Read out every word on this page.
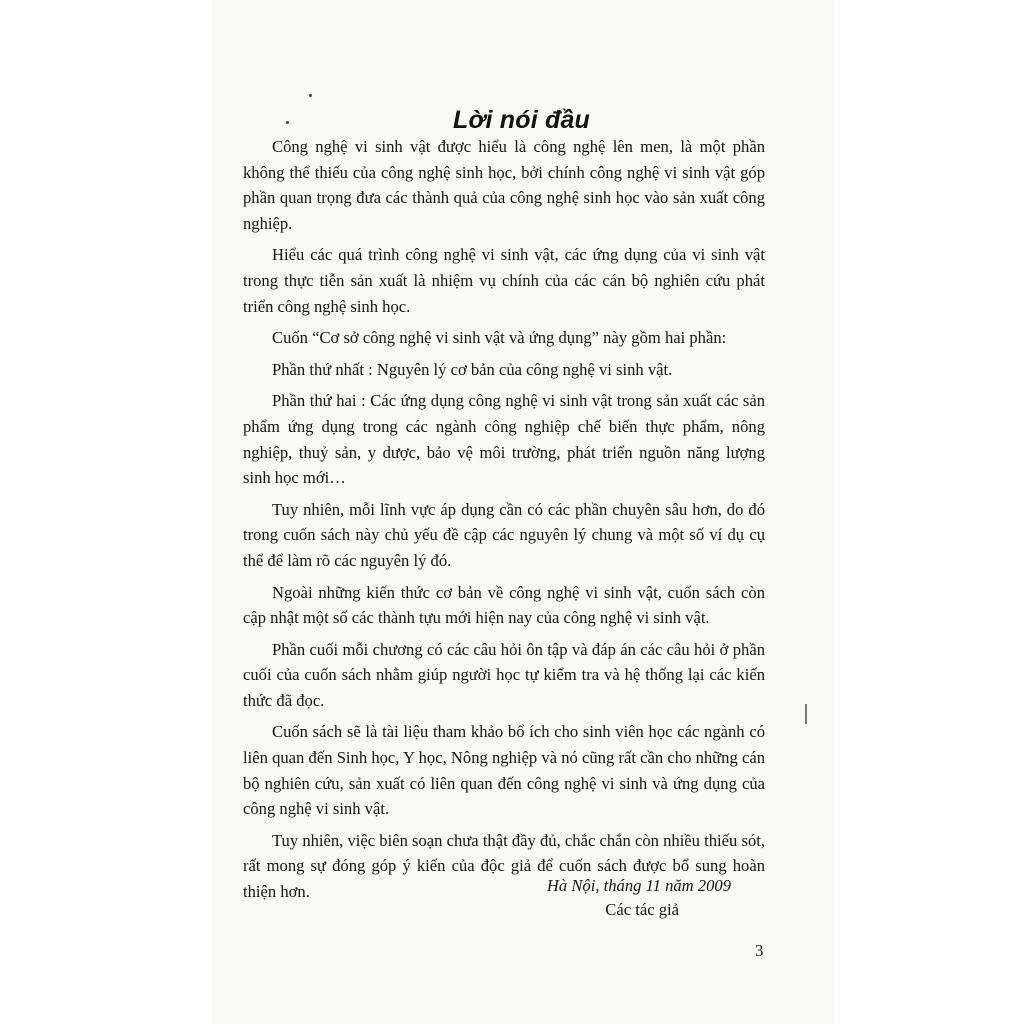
Lời nói đầu

Công nghệ vi sinh vật được hiểu là công nghệ lên men, là một phần không thể thiếu của công nghệ sinh học, bởi chính công nghệ vi sinh vật góp phần quan trọng đưa các thành quả của công nghệ sinh học vào sản xuất công nghiệp.

Hiểu các quá trình công nghệ vi sinh vật, các ứng dụng của vi sinh vật trong thực tiễn sản xuất là nhiệm vụ chính của các cán bộ nghiên cứu phát triển công nghệ sinh học.

Cuốn “Cơ sở công nghệ vi sinh vật và ứng dụng” này gồm hai phần:

Phần thứ nhất : Nguyên lý cơ bản của công nghệ vi sinh vật.

Phần thứ hai : Các ứng dụng công nghệ vi sinh vật trong sản xuất các sản phẩm ứng dụng trong các ngành công nghiệp chế biến thực phẩm, nông nghiệp, thuỷ sản, y dược, bảo vệ môi trường, phát triển nguồn năng lượng sinh học mới…

Tuy nhiên, mỗi lĩnh vực áp dụng cần có các phần chuyên sâu hơn, do đó trong cuốn sách này chủ yếu đề cập các nguyên lý chung và một số ví dụ cụ thể để làm rõ các nguyên lý đó.

Ngoài những kiến thức cơ bản về công nghệ vi sinh vật, cuốn sách còn cập nhật một số các thành tựu mới hiện nay của công nghệ vi sinh vật.

Phần cuối mỗi chương có các câu hỏi ôn tập và đáp án các câu hỏi ở phần cuối của cuốn sách nhằm giúp người học tự kiểm tra và hệ thống lại các kiến thức đã đọc.

Cuốn sách sẽ là tài liệu tham khảo bổ ích cho sinh viên học các ngành có liên quan đến Sinh học, Y học, Nông nghiệp và nó cũng rất cần cho những cán bộ nghiên cứu, sản xuất có liên quan đến công nghệ vi sinh và ứng dụng của công nghệ vi sinh vật.

Tuy nhiên, việc biên soạn chưa thật đầy đủ, chắc chắn còn nhiều thiếu sót, rất mong sự đóng góp ý kiến của độc giả để cuốn sách được bổ sung hoàn thiện hơn.	Hà Nội, tháng 11 năm 2009
Các tác giả
3
